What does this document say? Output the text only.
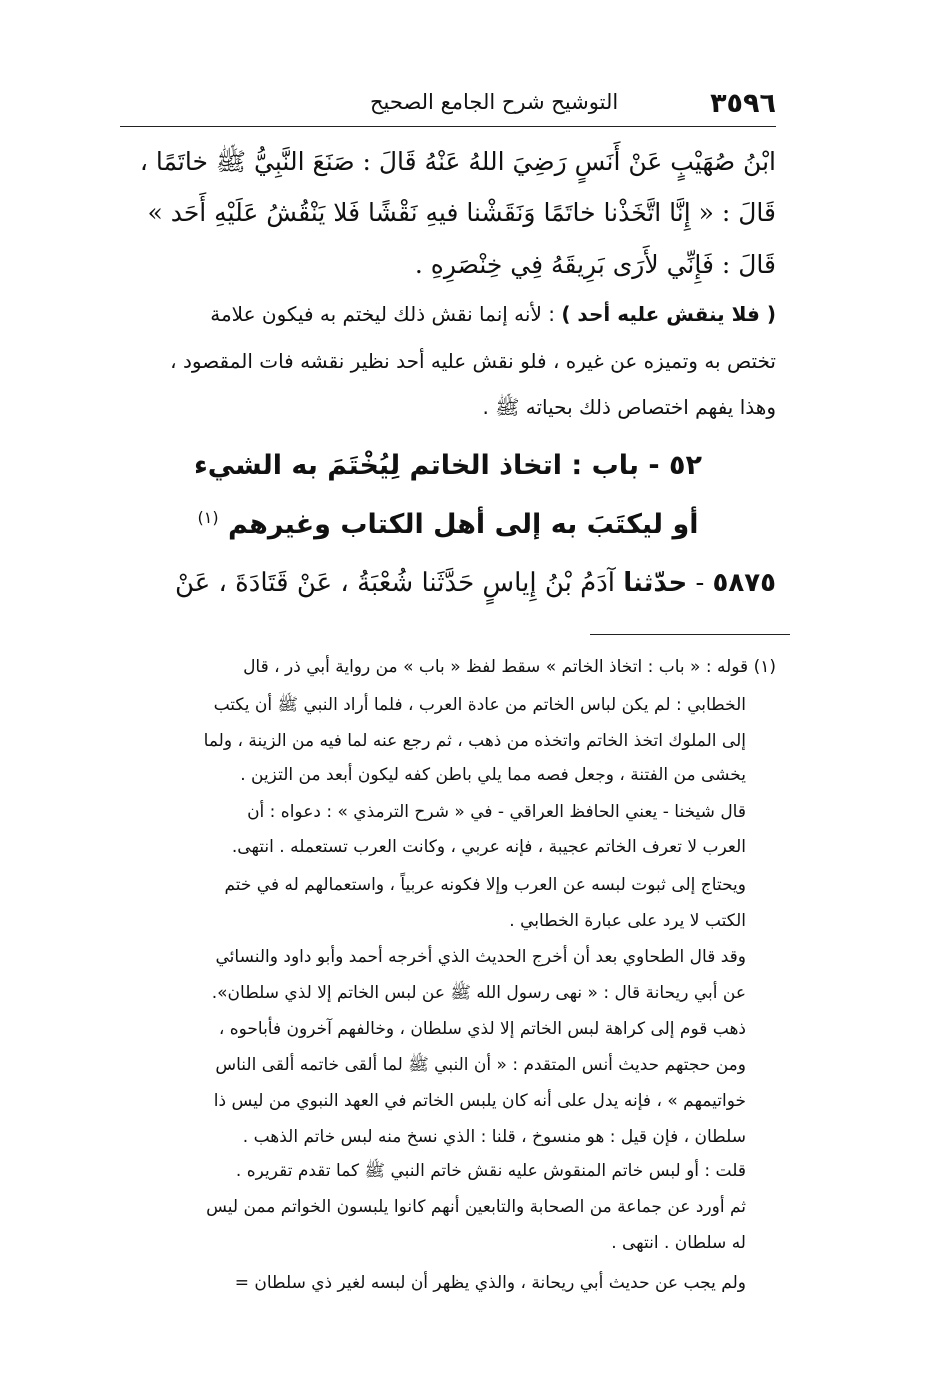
٣٥٩٦
التوشيح شرح الجامع الصحيح
ابْنُ صُهَيْبٍ عَنْ أَنَسٍ رَضِيَ اللهُ عَنْهُ قَالَ : صَنَعَ النَّبِيُّ ﷺ خاتَمًا ،
قَالَ : « إِنَّا اتَّخَذْنا خاتَمًا وَنَقَشْنا فيهِ نَقْشًا فَلا يَنْقُشُ عَلَيْهِ أَحَد »
قَالَ : فَإِنِّي لأَرَى بَرِيقَهُ فِي خِنْصَرِهِ .
( فلا ينقش عليه أحد ) : لأنه إنما نقش ذلك ليختم به فيكون علامة
تختص به وتميزه عن غيره ، فلو نقش عليه أحد نظير نقشه فات المقصود ،
وهذا يفهم اختصاص ذلك بحياته ﷺ .
٥٢ - باب : اتخاذ الخاتم لِيُخْتَمَ به الشيء
أو ليكتَبَ به إلى أهل الكتاب وغيرهم $^{(١)}$
٥٨٧٥ - حدّثنا آدَمُ بْنُ إِياسٍ حَدَّثَنا شُعْبَةُ ، عَنْ قَتَادَةَ ، عَنْ
(١) قوله : « باب : اتخاذ الخاتم » سقط لفظ « باب » من رواية أبي ذر ، قال
الخطابي : لم يكن لباس الخاتم من عادة العرب ، فلما أراد النبي ﷺ أن يكتب
إلى الملوك اتخذ الخاتم واتخذه من ذهب ، ثم رجع عنه لما فيه من الزينة ، ولما
يخشى من الفتنة ، وجعل فصه مما يلي باطن كفه ليكون أبعد من التزين .
قال شيخنا - يعني الحافظ العراقي - في « شرح الترمذي » : دعواه : أن
العرب لا تعرف الخاتم عجيبة ، فإنه عربي ، وكانت العرب تستعمله . انتهى.
ويحتاج إلى ثبوت لبسه عن العرب وإلا فكونه عربياً ، واستعمالهم له في ختم
الكتب لا يرد على عبارة الخطابي .
وقد قال الطحاوي بعد أن أخرج الحديث الذي أخرجه أحمد وأبو داود والنسائي
عن أبي ريحانة قال : « نهى رسول الله ﷺ عن لبس الخاتم إلا لذي سلطان».
ذهب قوم إلى كراهة لبس الخاتم إلا لذي سلطان ، وخالفهم آخرون فأباحوه ،
ومن حجتهم حديث أنس المتقدم : « أن النبي ﷺ لما ألقى خاتمه ألقى الناس
خواتيمهم » ، فإنه يدل على أنه كان يلبس الخاتم في العهد النبوي من ليس ذا
سلطان ، فإن قيل : هو منسوخ ، قلنا : الذي نسخ منه لبس خاتم الذهب .
قلت : أو لبس خاتم المنقوش عليه نقش خاتم النبي ﷺ كما تقدم تقريره .
ثم أورد عن جماعة من الصحابة والتابعين أنهم كانوا يلبسون الخواتم ممن ليس
له سلطان . انتهى .
ولم يجب عن حديث أبي ريحانة ، والذي يظهر أن لبسه لغير ذي سلطان =
